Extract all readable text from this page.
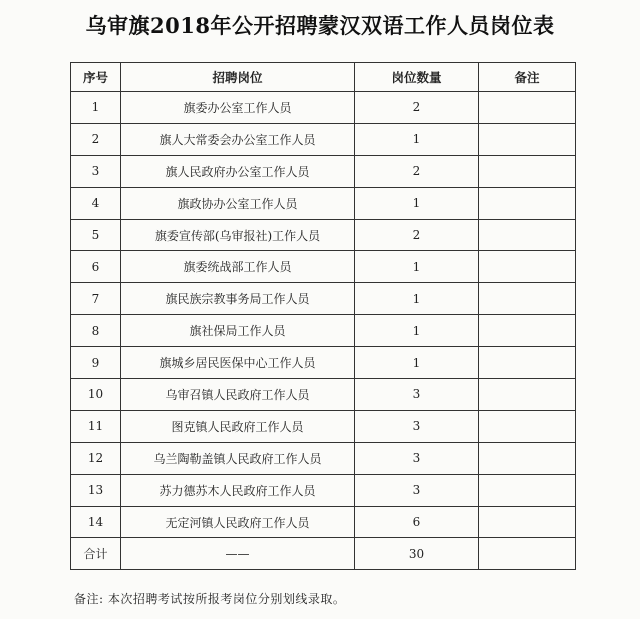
乌审旗2018年公开招聘蒙汉双语工作人员岗位表
序号	招聘岗位	岗位数量	备注
1	旗委办公室工作人员	2	
2	旗人大常委会办公室工作人员	1	
3	旗人民政府办公室工作人员	2	
4	旗政协办公室工作人员	1	
5	旗委宣传部(乌审报社)工作人员	2	
6	旗委统战部工作人员	1	
7	旗民族宗教事务局工作人员	1	
8	旗社保局工作人员	1	
9	旗城乡居民医保中心工作人员	1	
10	乌审召镇人民政府工作人员	3	
11	图克镇人民政府工作人员	3	
12	乌兰陶勒盖镇人民政府工作人员	3	
13	苏力德苏木人民政府工作人员	3	
14	无定河镇人民政府工作人员	6	
合计	——	30	
备注: 本次招聘考试按所报考岗位分别划线录取。
